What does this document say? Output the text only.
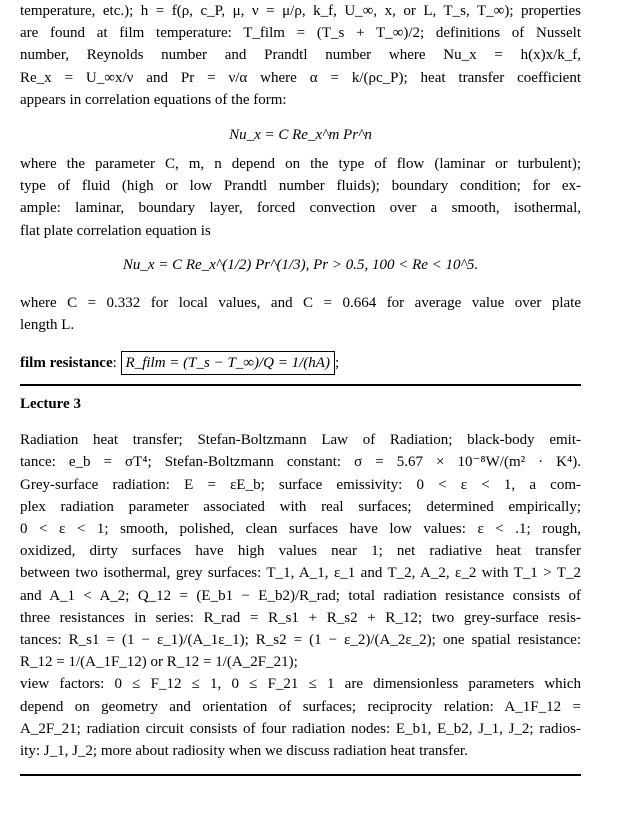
temperature, etc.); h = f(ρ, c_P, μ, ν = μ/ρ, k_f, U_∞, x, or L, T_s, T_∞); properties
are found at film temperature: T_film = (T_s + T_∞)/2; definitions of Nusselt
number, Reynolds number and Prandtl number where Nu_x = h(x)x/k_f,
Re_x = U_∞x/ν and Pr = ν/α where α = k/(ρc_P); heat transfer coefficient
appears in correlation equations of the form:

Nu_x = C Re_x^m Pr^n

where the parameter C, m, n depend on the type of flow (laminar or turbulent);
type of fluid (high or low Prandtl number fluids); boundary condition; for ex-
ample: laminar, boundary layer, forced convection over a smooth, isothermal,
flat plate correlation equation is

Nu_x = C Re_x^(1/2) Pr^(1/3), Pr > 0.5, 100 < Re < 10^5.

where C = 0.332 for local values, and C = 0.664 for average value over plate
length L.

film resistance: R_film = (T_s − T_∞)/Q = 1/(hA) ;
Lecture 3

Radiation heat transfer; Stefan-Boltzmann Law of Radiation; black-body emit-
tance: e_b = σT⁴; Stefan-Boltzmann constant: σ = 5.67 × 10⁻⁸W/(m² · K⁴).
Grey-surface radiation: E = εE_b; surface emissivity: 0 < ε < 1, a com-
plex radiation parameter associated with real surfaces; determined empirically;
0 < ε < 1; smooth, polished, clean surfaces have low values: ε < .1; rough,
oxidized, dirty surfaces have high values near 1; net radiative heat transfer
between two isothermal, grey surfaces: T_1, A_1, ε_1 and T_2, A_2, ε_2 with T_1 > T_2
and A_1 < A_2; Q_12 = (E_b1 − E_b2)/R_rad; total radiation resistance consists of
three resistances in series: R_rad = R_s1 + R_s2 + R_12; two grey-surface resis-
tances: R_s1 = (1 − ε_1)/(A_1ε_1); R_s2 = (1 − ε_2)/(A_2ε_2); one spatial resistance:
R_12 = 1/(A_1F_12) or R_12 = 1/(A_2F_21);
view factors: 0 ≤ F_12 ≤ 1, 0 ≤ F_21 ≤ 1 are dimensionless parameters which
depend on geometry and orientation of surfaces; reciprocity relation: A_1F_12 =
A_2F_21; radiation circuit consists of four radiation nodes: E_b1, E_b2, J_1, J_2; radios-
ity: J_1, J_2; more about radiosity when we discuss radiation heat transfer.
